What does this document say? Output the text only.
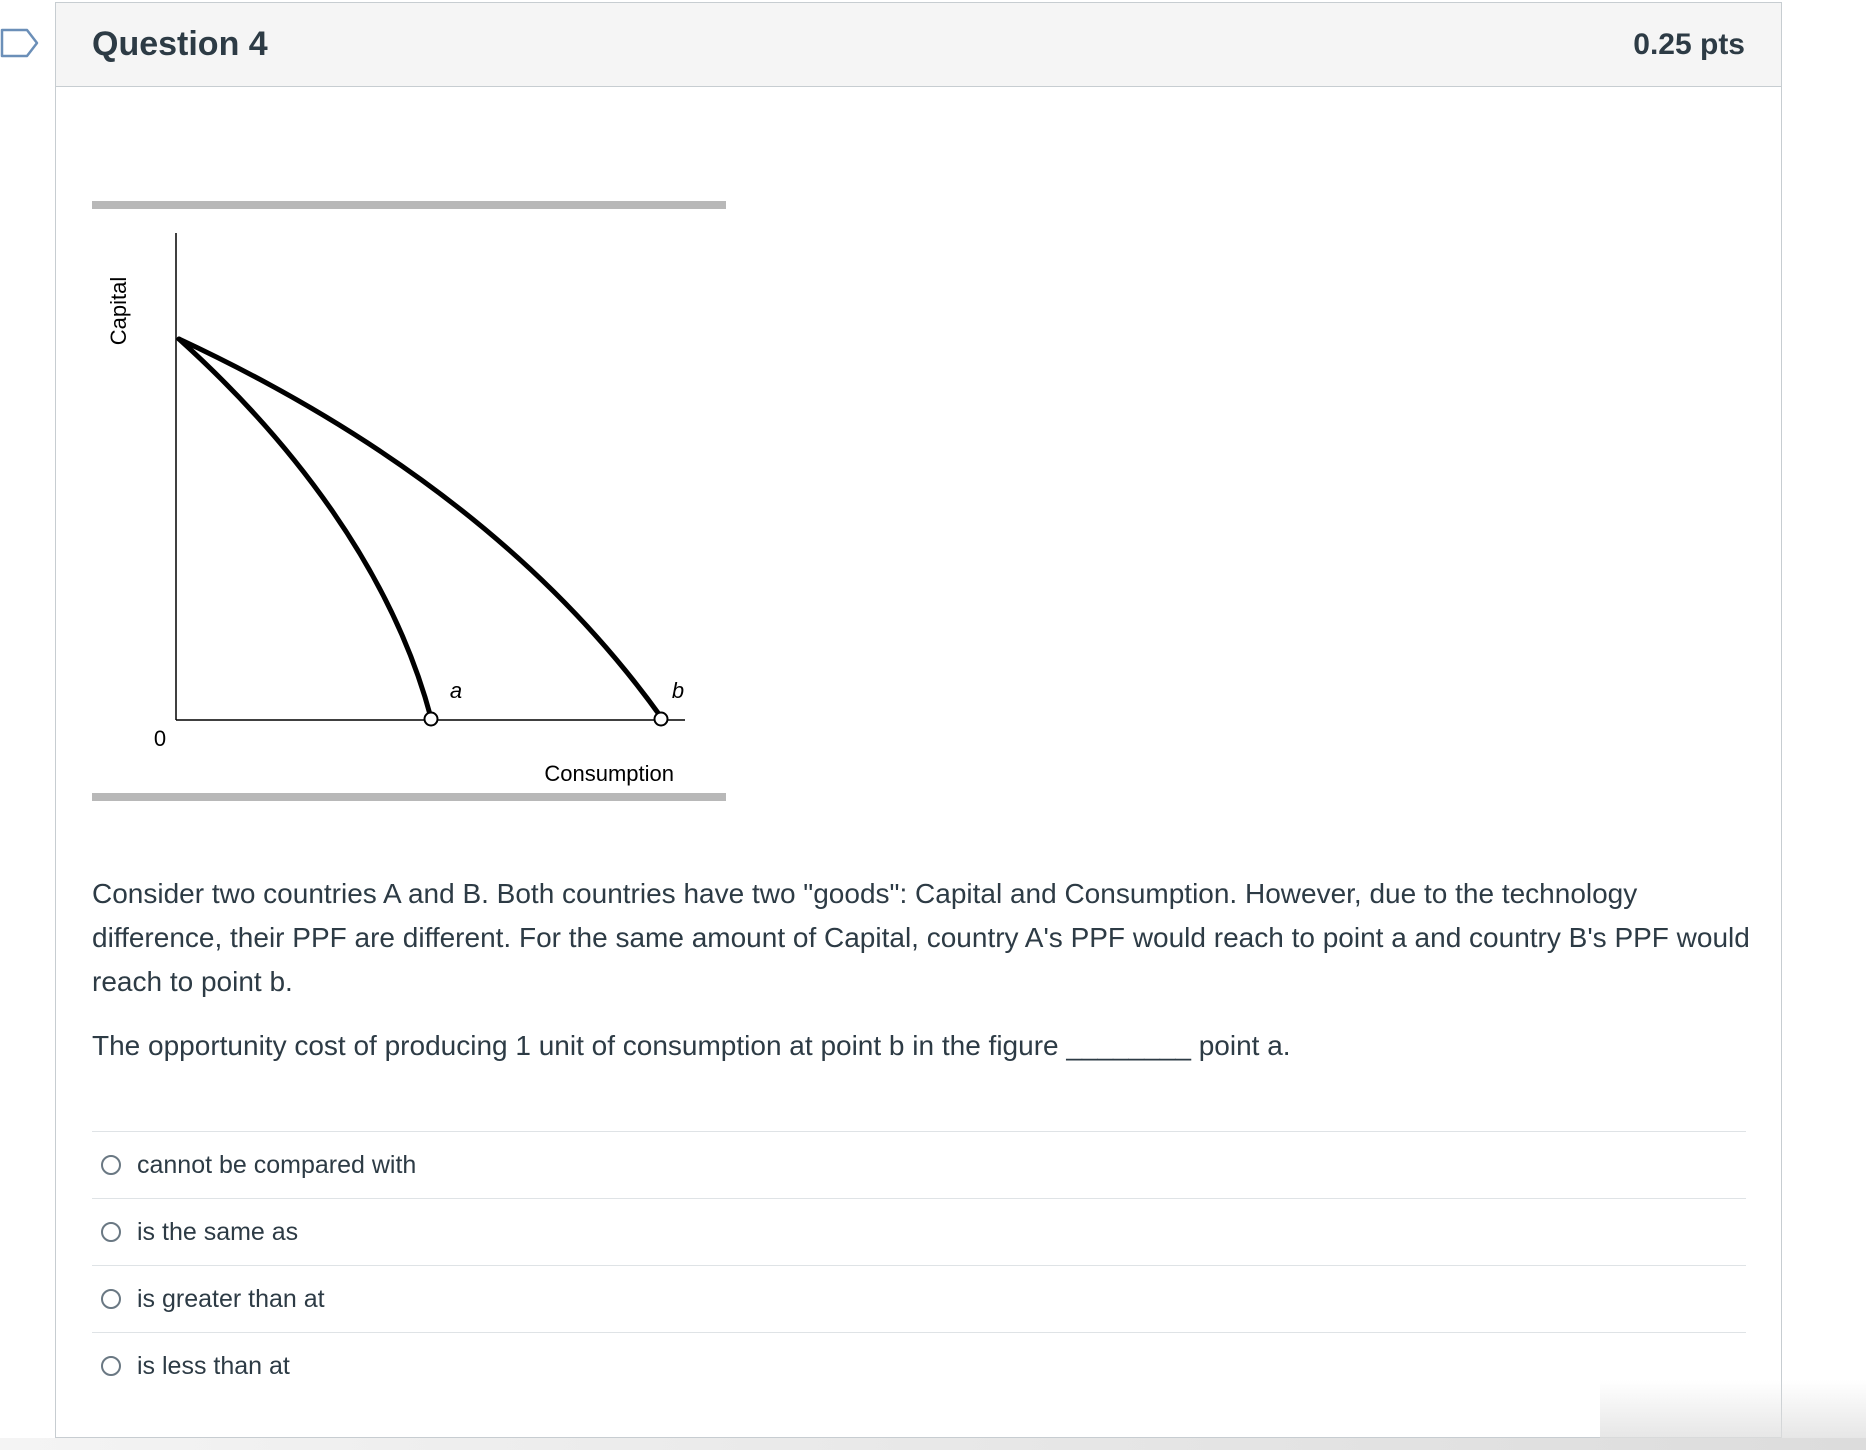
Question 4	0.25 pts
Capital
0
a	b
Consumption

Consider two countries A and B. Both countries have two "goods": Capital and Consumption. However, due to the technology difference, their PPF are different. For the same amount of Capital, country A's PPF would reach to point a and country B's PPF would reach to point b.

The opportunity cost of producing 1 unit of consumption at point b in the figure ________ point a.

cannot be compared with
is the same as
is greater than at
is less than at
